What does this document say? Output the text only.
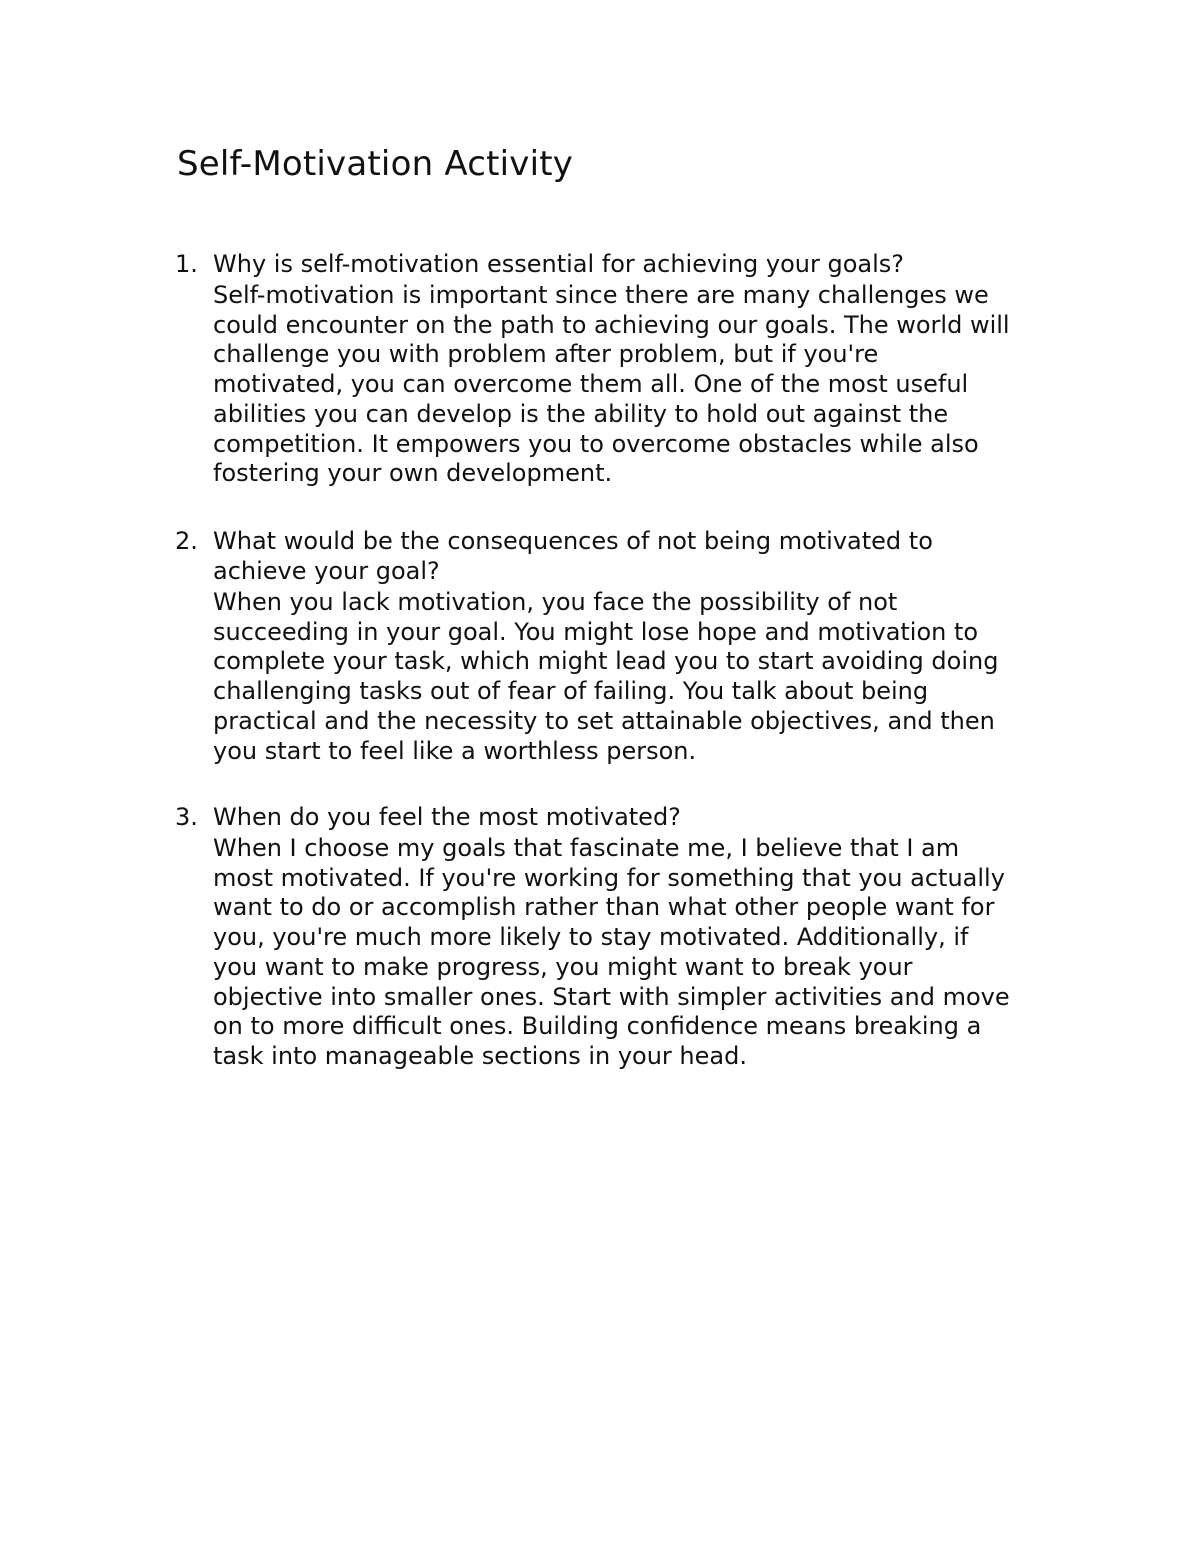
Self-Motivation Activity
1. Why is self-motivation essential for achieving your goals?

Self-motivation is important since there are many challenges we
could encounter on the path to achieving our goals. The world will
challenge you with problem after problem, but if you're
motivated, you can overcome them all. One of the most useful
abilities you can develop is the ability to hold out against the
competition. It empowers you to overcome obstacles while also
fostering your own development.

2. What would be the consequences of not being motivated to
achieve your goal?

When you lack motivation, you face the possibility of not
succeeding in your goal. You might lose hope and motivation to
complete your task, which might lead you to start avoiding doing
challenging tasks out of fear of failing. You talk about being
practical and the necessity to set attainable objectives, and then
you start to feel like a worthless person.

3. When do you feel the most motivated?

When I choose my goals that fascinate me, I believe that I am
most motivated. If you're working for something that you actually
want to do or accomplish rather than what other people want for
you, you're much more likely to stay motivated. Additionally, if
you want to make progress, you might want to break your
objective into smaller ones. Start with simpler activities and move
on to more difficult ones. Building confidence means breaking a
task into manageable sections in your head.
